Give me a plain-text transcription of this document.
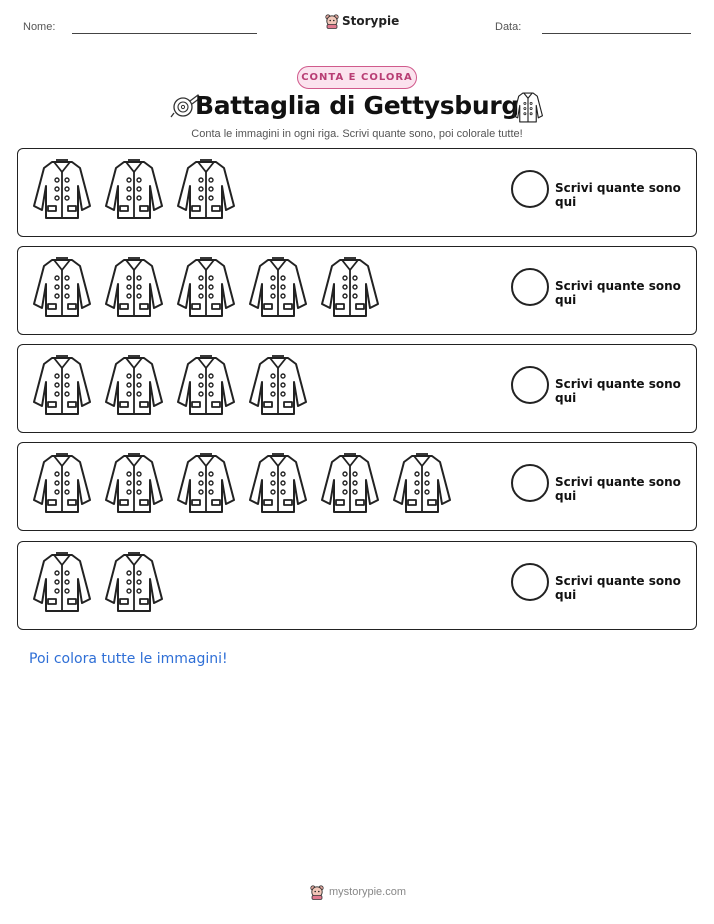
Nome:	Storypie	Data:
CONTA E COLORA
Battaglia di Gettysburg
Conta le immagini in ogni riga. Scrivi quante sono, poi colorale tutte!
Scrivi quante sono qui
Scrivi quante sono qui
Scrivi quante sono qui
Scrivi quante sono qui
Scrivi quante sono qui
Poi colora tutte le immagini!
mystorypie.com
